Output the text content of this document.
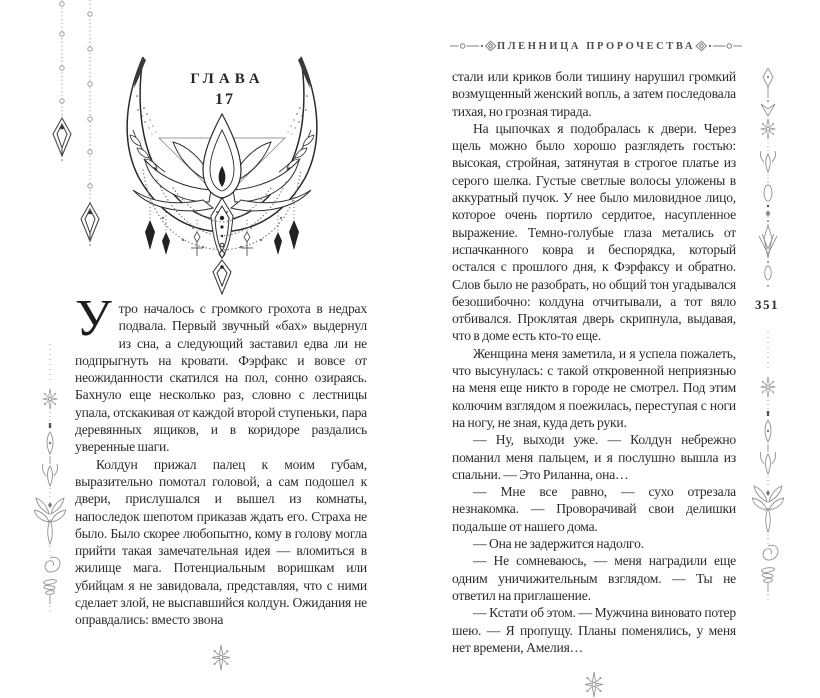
ГЛАВА
17

Утро началось с громкого грохота в недрах подвала. Первый звучный «бах» выдернул из сна, а следующий заставил едва ли не подпрыгнуть на кровати. Фэрфакс и вовсе от неожиданности скатился на пол, сонно озираясь. Бахнуло еще несколько раз, словно с лестницы упала, отскакивая от каждой второй ступеньки, пара деревянных ящиков, и в коридоре раздались уверенные шаги.

Колдун прижал палец к моим губам, выразительно помотал головой, а сам подошел к двери, прислушался и вышел из комнаты, напоследок шепотом приказав ждать его. Страха не было. Было скорее любопытно, кому в голову могла прийти такая замечательная идея — вломиться в жилище мага. Потенциальным воришкам или убийцам я не завидовала, представляя, что с ними сделает злой, не выспавшийся колдун. Ожидания не оправдались: вместо звона

ПЛЕННИЦА ПРОРОЧЕСТВА

стали или криков боли тишину нарушил громкий возмущенный женский вопль, а затем последовала тихая, но грозная тирада.

На цыпочках я подобралась к двери. Через щель можно было хорошо разглядеть гостью: высокая, стройная, затянутая в строгое платье из серого шелка. Густые светлые волосы уложены в аккуратный пучок. У нее было миловидное лицо, которое очень портило сердитое, насупленное выражение. Темно-голубые глаза метались от испачканного ковра и беспорядка, который остался с прошлого дня, к Фэрфаксу и обратно. Слов было не разобрать, но общий тон угадывался безошибочно: колдуна отчитывали, а тот вяло отбивался. Проклятая дверь скрипнула, выдавая, что в доме есть кто-то еще.

Женщина меня заметила, и я успела пожалеть, что высунулась: с такой откровенной неприязнью на меня еще никто в городе не смотрел. Под этим колючим взглядом я поежилась, переступая с ноги на ногу, не зная, куда деть руки.

— Ну, выходи уже. — Колдун небрежно поманил меня пальцем, и я послушно вышла из спальни. — Это Риланна, она…

— Мне все равно, — сухо отрезала незнакомка. — Проворачивай свои делишки подальше от нашего дома.

— Она не задержится надолго.

— Не сомневаюсь, — меня наградили еще одним уничижительным взглядом. — Ты не ответил на приглашение.

— Кстати об этом. — Мужчина виновато потер шею. — Я пропущу. Планы поменялись, у меня нет времени, Амелия…

351
